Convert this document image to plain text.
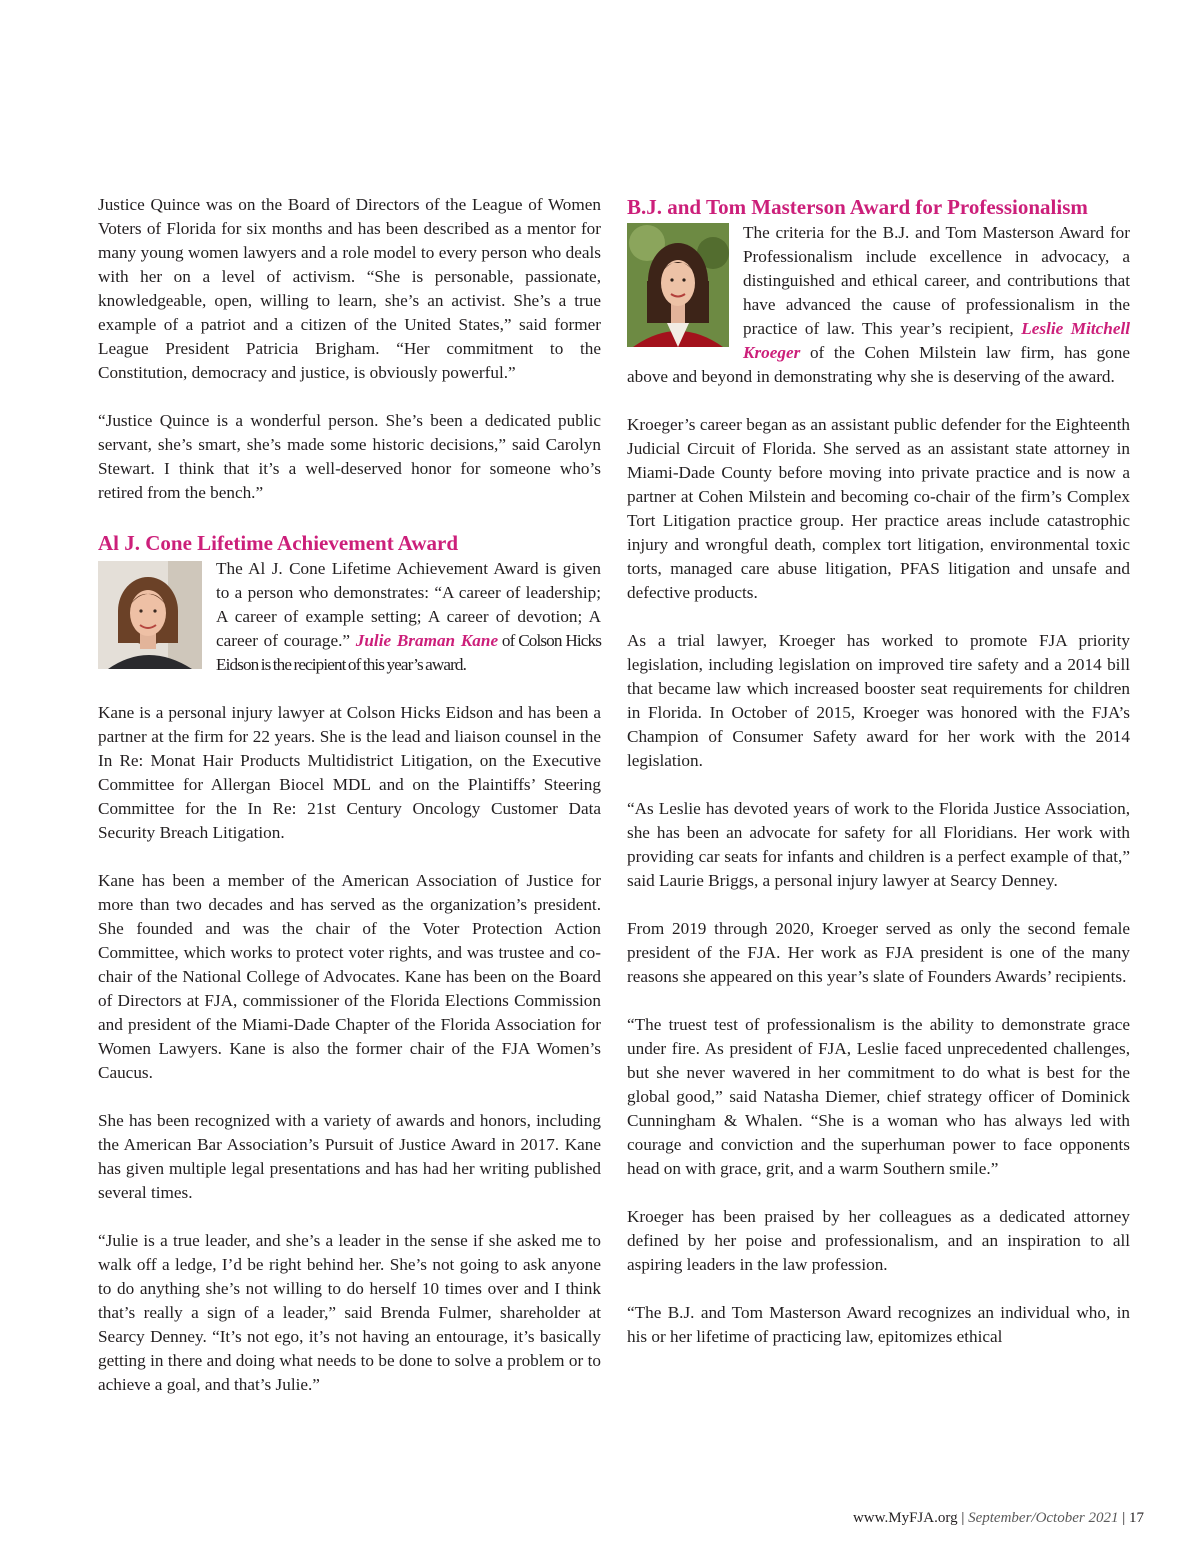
Justice Quince was on the Board of Directors of the League of Women Voters of Florida for six months and has been described as a mentor for many young women lawyers and a role model to every person who deals with her on a level of activism. “She is personable, passionate, knowledgeable, open, willing to learn, she’s an activist. She’s a true example of a patriot and a citizen of the United States,” said former League President Patricia Brigham. “Her commitment to the Constitution, democracy and justice, is obviously powerful.”

“Justice Quince is a wonderful person. She’s been a dedicated public servant, she’s smart, she’s made some historic decisions,” said Carolyn Stewart. I think that it’s a well-deserved honor for someone who’s retired from the bench.”

Al J. Cone Lifetime Achievement Award

The Al J. Cone Lifetime Achievement Award is given to a person who demonstrates: “A career of leadership; A career of example setting; A career of devotion; A career of courage.” Julie Braman Kane of Colson Hicks Eidson is the recipient of this year’s award.

Kane is a personal injury lawyer at Colson Hicks Eidson and has been a partner at the firm for 22 years. She is the lead and liaison counsel in the In Re: Monat Hair Products Multidistrict Litigation, on the Executive Committee for Allergan Biocel MDL and on the Plaintiffs’ Steering Committee for the In Re: 21st Century Oncology Customer Data Security Breach Litigation.

Kane has been a member of the American Association of Justice for more than two decades and has served as the organization’s president. She founded and was the chair of the Voter Protection Action Committee, which works to protect voter rights, and was trustee and co-chair of the National College of Advocates. Kane has been on the Board of Directors at FJA, commissioner of the Florida Elections Commission and president of the Miami-Dade Chapter of the Florida Association for Women Lawyers. Kane is also the former chair of the FJA Women’s Caucus.

She has been recognized with a variety of awards and honors, including the American Bar Association’s Pursuit of Justice Award in 2017. Kane has given multiple legal presentations and has had her writing published several times.

“Julie is a true leader, and she’s a leader in the sense if she asked me to walk off a ledge, I’d be right behind her. She’s not going to ask anyone to do anything she’s not willing to do herself 10 times over and I think that’s really a sign of a leader,” said Brenda Fulmer, shareholder at Searcy Denney. “It’s not ego, it’s not having an entourage, it’s basically getting in there and doing what needs to be done to solve a problem or to achieve a goal, and that’s Julie.”

B.J. and Tom Masterson Award for Professionalism

The criteria for the B.J. and Tom Masterson Award for Professionalism include excellence in advocacy, a distinguished and ethical career, and contributions that have advanced the cause of professionalism in the practice of law. This year’s recipient, Leslie Mitchell Kroeger of the Cohen Milstein law firm, has gone above and beyond in demonstrating why she is deserving of the award.

Kroeger’s career began as an assistant public defender for the Eighteenth Judicial Circuit of Florida. She served as an assistant state attorney in Miami-Dade County before moving into private practice and is now a partner at Cohen Milstein and becoming co-chair of the firm’s Complex Tort Litigation practice group. Her practice areas include catastrophic injury and wrongful death, complex tort litigation, environmental toxic torts, managed care abuse litigation, PFAS litigation and unsafe and defective products.

As a trial lawyer, Kroeger has worked to promote FJA priority legislation, including legislation on improved tire safety and a 2014 bill that became law which increased booster seat requirements for children in Florida. In October of 2015, Kroeger was honored with the FJA’s Champion of Consumer Safety award for her work with the 2014 legislation.

“As Leslie has devoted years of work to the Florida Justice Association, she has been an advocate for safety for all Floridians. Her work with providing car seats for infants and children is a perfect example of that,” said Laurie Briggs, a personal injury lawyer at Searcy Denney.

From 2019 through 2020, Kroeger served as only the second female president of the FJA. Her work as FJA president is one of the many reasons she appeared on this year’s slate of Founders Awards’ recipients.

“The truest test of professionalism is the ability to demonstrate grace under fire. As president of FJA, Leslie faced unprecedented challenges, but she never wavered in her commitment to do what is best for the global good,” said Natasha Diemer, chief strategy officer of Dominick Cunningham & Whalen. “She is a woman who has always led with courage and conviction and the superhuman power to face opponents head on with grace, grit, and a warm Southern smile.”

Kroeger has been praised by her colleagues as a dedicated attorney defined by her poise and professionalism, and an inspiration to all aspiring leaders in the law profession.

“The B.J. and Tom Masterson Award recognizes an individual who, in his or her lifetime of practicing law, epitomizes ethical

www.MyFJA.org | September/October 2021 | 17
